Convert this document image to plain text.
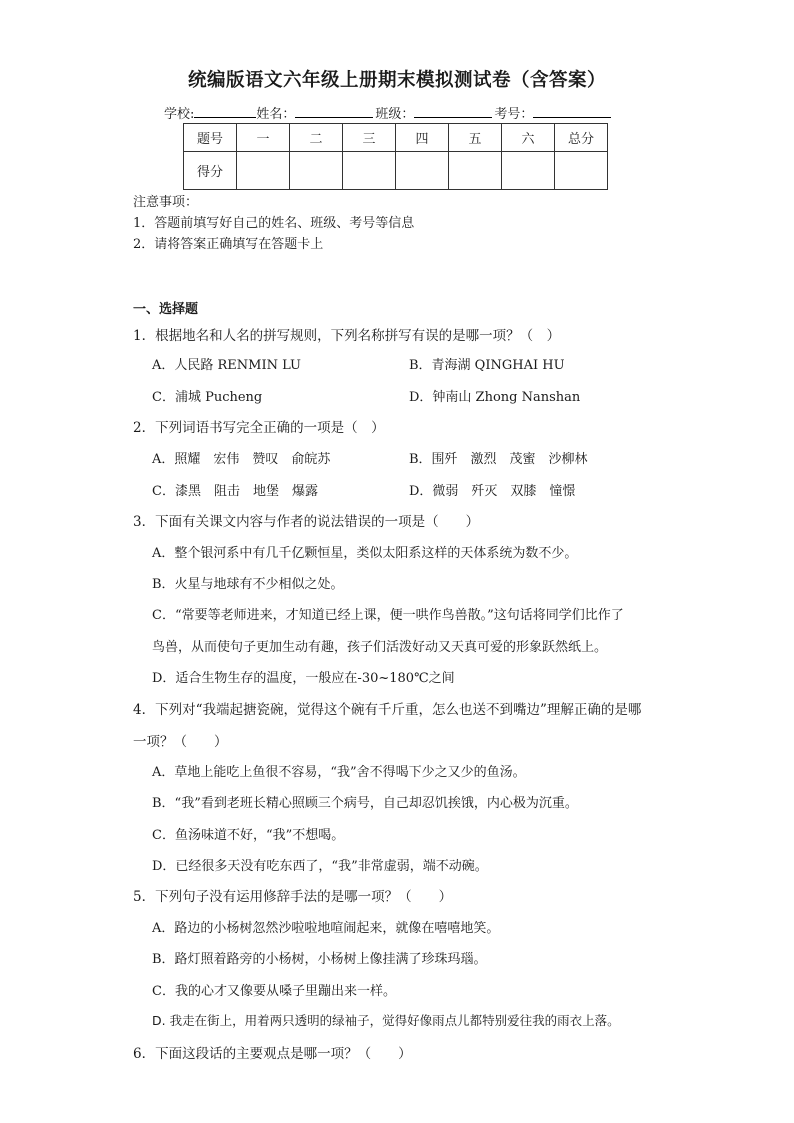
统编版语文六年级上册期末模拟测试卷（含答案）
学校:	姓名：	班级：	考号：
题号	一	二	三	四	五	六	总分
得分							
注意事项：
1．答题前填写好自己的姓名、班级、考号等信息
2．请将答案正确填写在答题卡上
一、选择题
1．根据地名和人名的拼写规则，下列名称拼写有误的是哪一项？（　）
A．人民路 RENMIN LU	B．青海湖 QINGHAI HU
C．浦城 Pucheng	D．钟南山 Zhong Nanshan
2．下列词语书写完全正确的一项是（　）
A．照耀　宏伟　赞叹　俞皖苏	B．围歼　激烈　茂蜜　沙柳林
C．漆黑　阻击　地堡　爆露	D．微弱　歼灭　双膝　憧憬
3．下面有关课文内容与作者的说法错误的一项是（　　）
A．整个银河系中有几千亿颗恒星，类似太阳系这样的天体系统为数不少。
B．火星与地球有不少相似之处。
C．“常要等老师进来，才知道已经上课，便一哄作鸟兽散。”这句话将同学们比作了
鸟兽，从而使句子更加生动有趣，孩子们活泼好动又天真可爱的形象跃然纸上。
D．适合生物生存的温度，一般应在-30~180℃之间
4．下列对“我端起搪瓷碗，觉得这个碗有千斤重，怎么也送不到嘴边”理解正确的是哪
一项？（　　）
A．草地上能吃上鱼很不容易，“我”舍不得喝下少之又少的鱼汤。
B．“我”看到老班长精心照顾三个病号，自己却忍饥挨饿，内心极为沉重。
C．鱼汤味道不好，“我”不想喝。
D．已经很多天没有吃东西了，“我”非常虚弱，端不动碗。
5．下列句子没有运用修辞手法的是哪一项？（　　）
A．路边的小杨树忽然沙啦啦地喧闹起来，就像在嘻嘻地笑。
B．路灯照着路旁的小杨树，小杨树上像挂满了珍珠玛瑙。
C．我的心才又像要从嗓子里蹦出来一样。
D. 我走在街上，用着两只透明的绿袖子，觉得好像雨点儿都特别爱往我的雨衣上落。
6．下面这段话的主要观点是哪一项？（　　）
